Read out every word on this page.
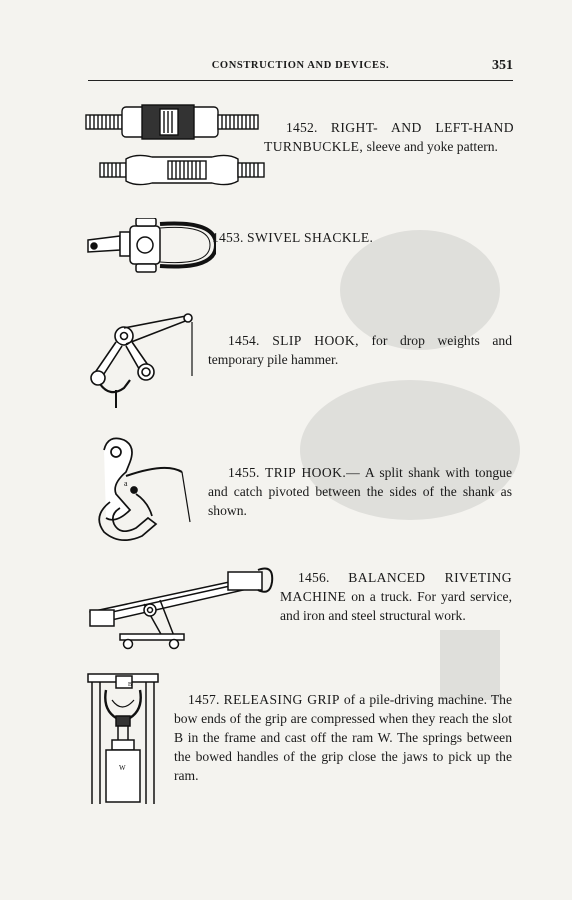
CONSTRUCTION AND DEVICES.	351
1452. RIGHT- AND LEFT-HAND TURNBUCKLE, sleeve and yoke pattern.
1453. SWIVEL SHACKLE.
1454. SLIP HOOK, for drop weights and temporary pile hammer.
a
1455. TRIP HOOK.— A split shank with tongue and catch pivoted between the sides of the shank as shown.
1456. BALANCED RIVETING MACHINE on a truck. For yard service, and iron and steel structural work.
B
W
1457. RELEASING GRIP of a pile-driving machine. The bow ends of the grip are compressed when they reach the slot B in the frame and cast off the ram W. The springs between the bowed handles of the grip close the jaws to pick up the ram.
